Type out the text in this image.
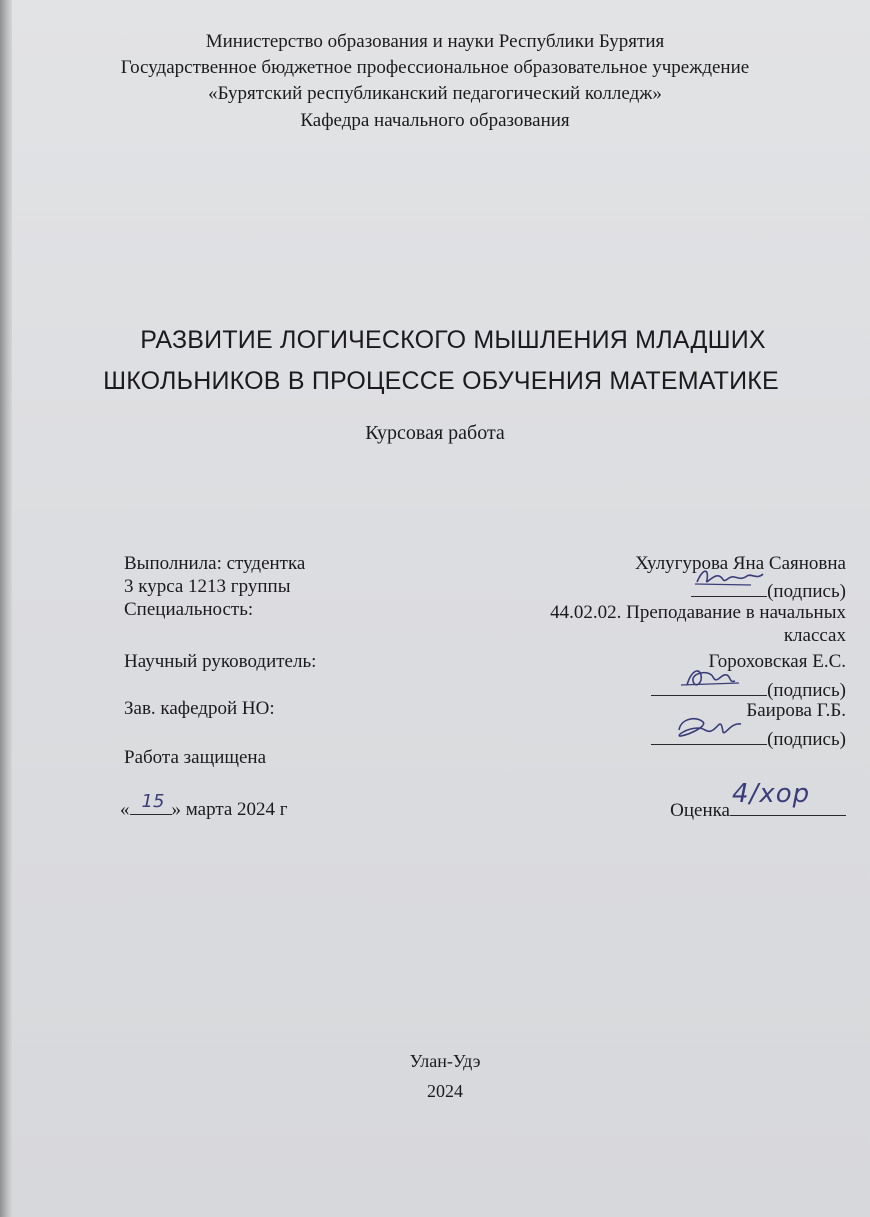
Министерство образования и науки Республики Бурятия
Государственное бюджетное профессиональное образовательное учреждение
«Бурятский республиканский педагогический колледж»
Кафедра начального образования
РАЗВИТИЕ ЛОГИЧЕСКОГО МЫШЛЕНИЯ МЛАДШИХ
ШКОЛЬНИКОВ В ПРОЦЕССЕ ОБУЧЕНИЯ МАТЕМАТИКЕ
Курсовая работа
Выполнила: студентка
3 курса 1213 группы
Специальность:
Научный руководитель:
Зав. кафедрой НО:
Работа защищена
« 15 » марта 2024 г
Хулугурова Яна Саяновна
(подпись)
44.02.02. Преподавание в начальных
классах
Гороховская Е.С.
(подпись)
Баирова Г.Б.
(подпись)
Оценка
4/хор
Улан-Удэ
2024
